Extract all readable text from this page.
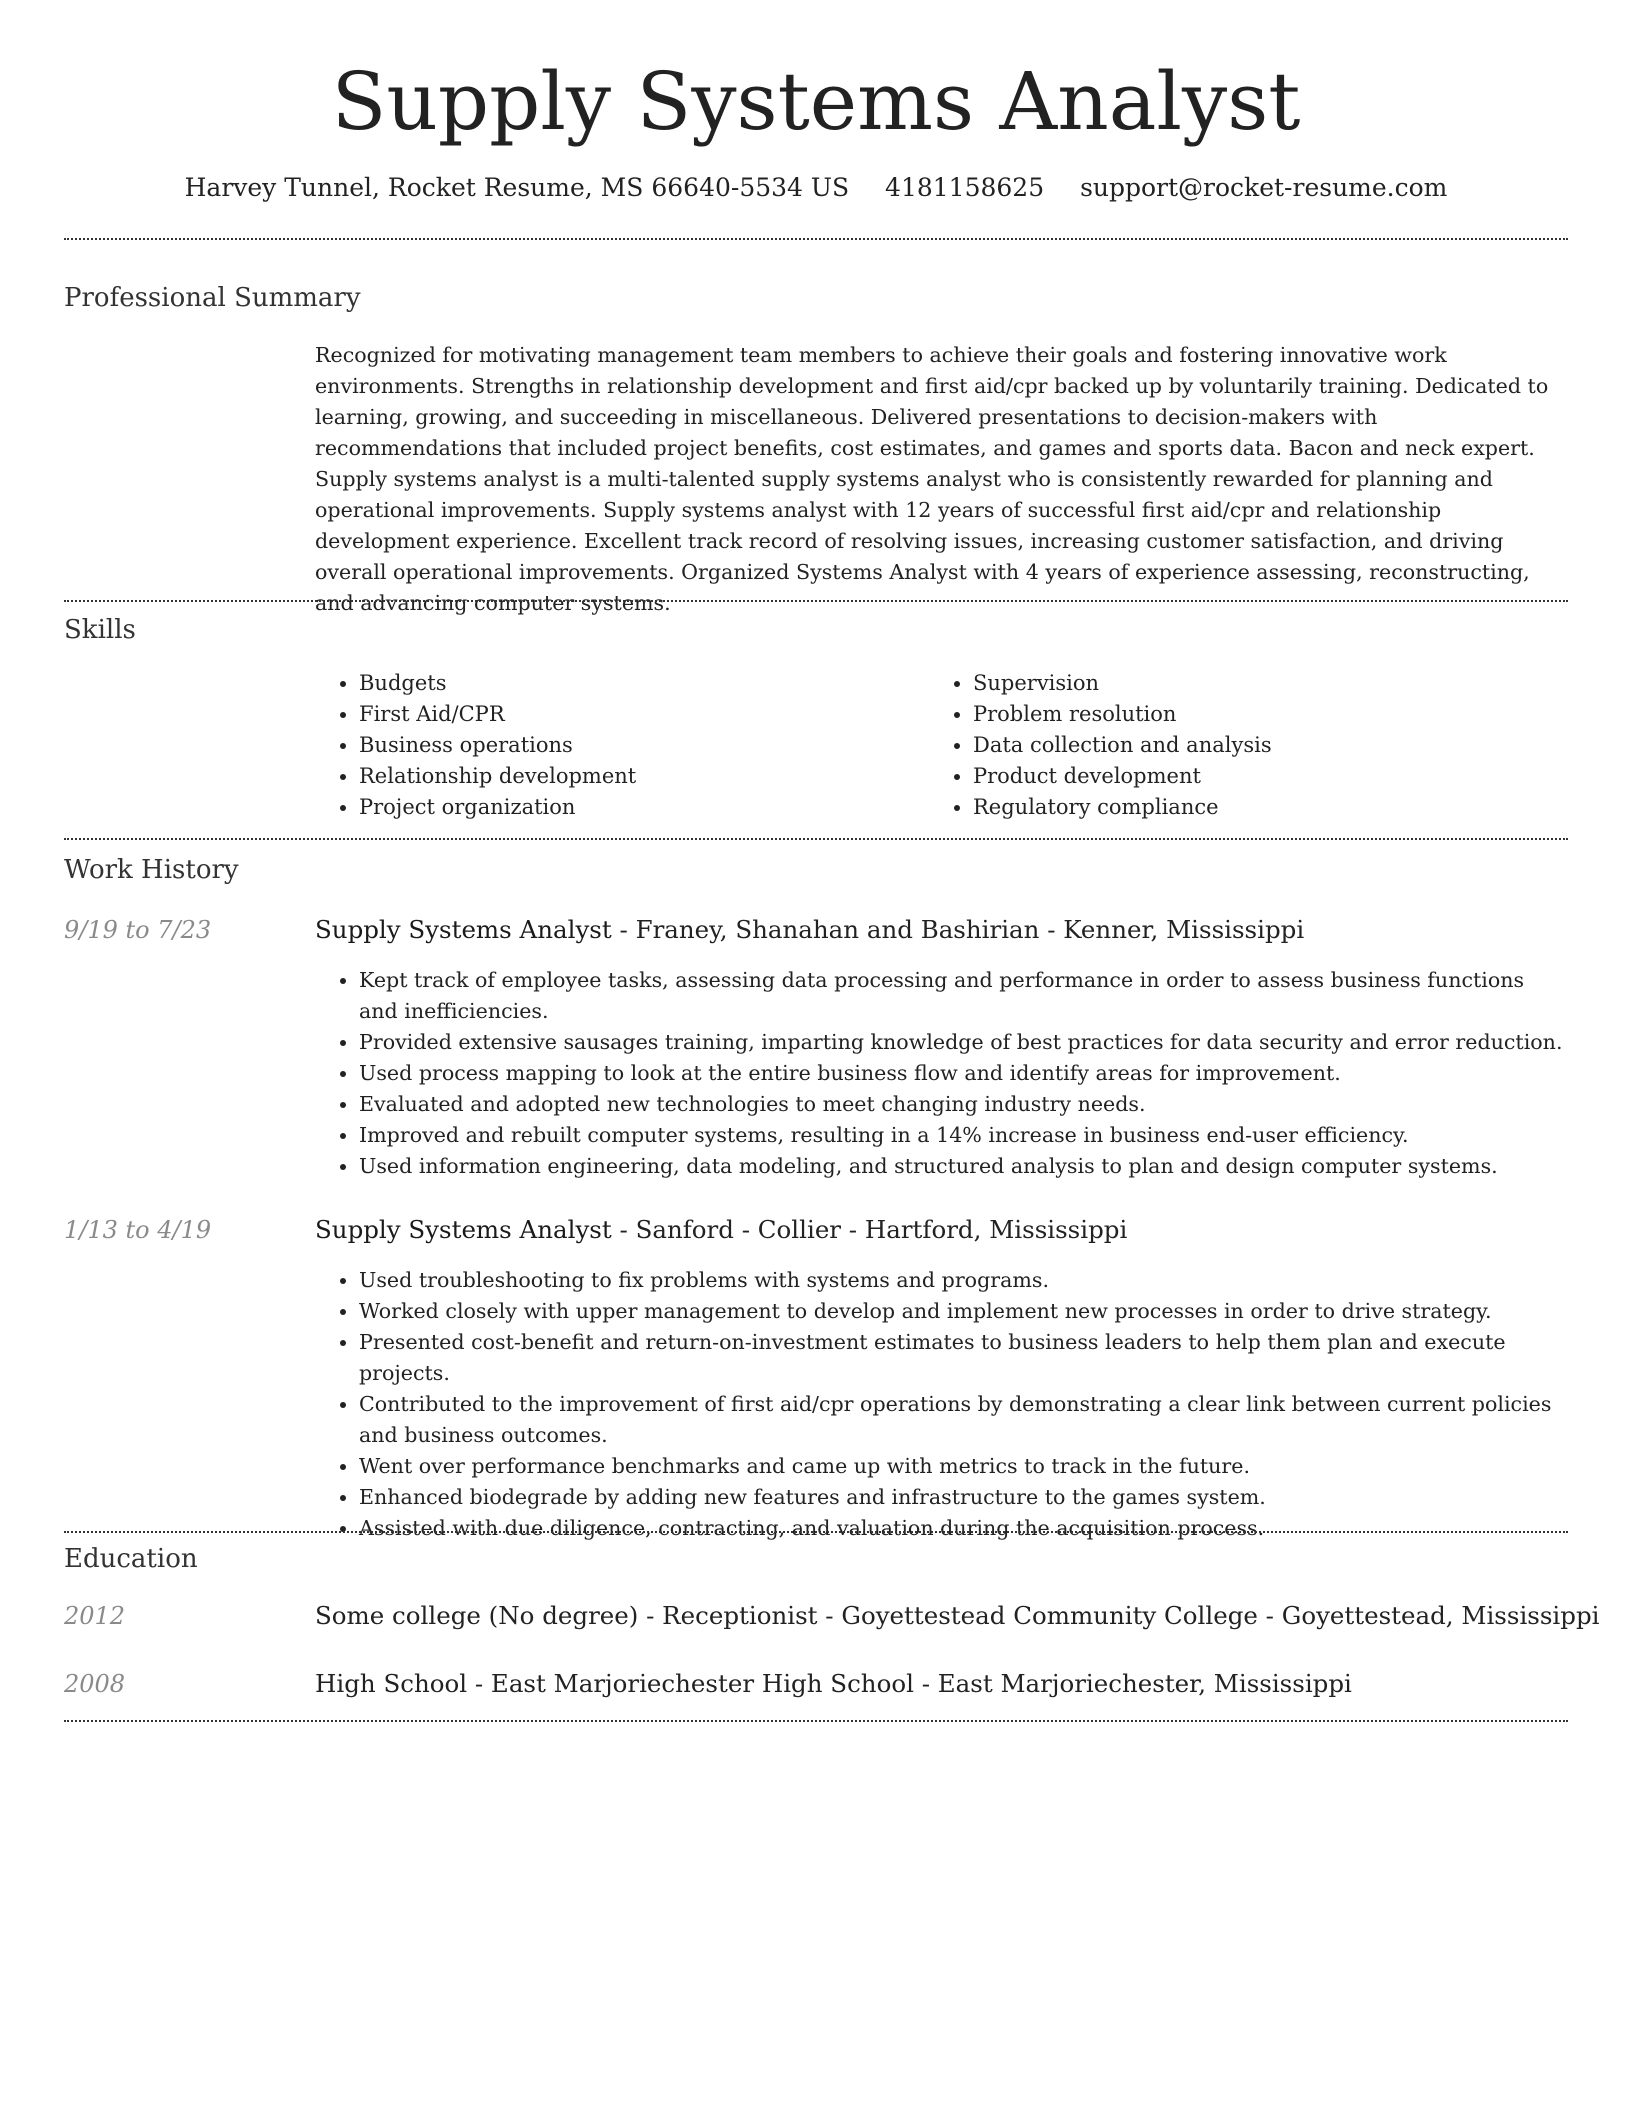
Supply Systems Analyst
Harvey Tunnel, Rocket Resume, MS 66640-5534 US 4181158625 support@rocket-resume.com
Professional Summary

Recognized for motivating management team members to achieve their goals and fostering innovative work environments. Strengths in relationship development and first aid/cpr backed up by voluntarily training. Dedicated to learning, growing, and succeeding in miscellaneous. Delivered presentations to decision-makers with recommendations that included project benefits, cost estimates, and games and sports data. Bacon and neck expert. Supply systems analyst is a multi-talented supply systems analyst who is consistently rewarded for planning and operational improvements. Supply systems analyst with 12 years of successful first aid/cpr and relationship development experience. Excellent track record of resolving issues, increasing customer satisfaction, and driving overall operational improvements. Organized Systems Analyst with 4 years of experience assessing, reconstructing, and advancing computer systems.

Skills
• Budgets
• First Aid/CPR
• Business operations
• Relationship development
• Project organization
• Supervision
• Problem resolution
• Data collection and analysis
• Product development
• Regulatory compliance
Work History
9/19 to 7/23	Supply Systems Analyst - Franey, Shanahan and Bashirian - Kenner, Mississippi
• Kept track of employee tasks, assessing data processing and performance in order to assess business functions and inefficiencies.
• Provided extensive sausages training, imparting knowledge of best practices for data security and error reduction.
• Used process mapping to look at the entire business flow and identify areas for improvement.
• Evaluated and adopted new technologies to meet changing industry needs.
• Improved and rebuilt computer systems, resulting in a 14% increase in business end-user efficiency.
• Used information engineering, data modeling, and structured analysis to plan and design computer systems.
1/13 to 4/19	Supply Systems Analyst - Sanford - Collier - Hartford, Mississippi
• Used troubleshooting to fix problems with systems and programs.
• Worked closely with upper management to develop and implement new processes in order to drive strategy.
• Presented cost-benefit and return-on-investment estimates to business leaders to help them plan and execute projects.
• Contributed to the improvement of first aid/cpr operations by demonstrating a clear link between current policies and business outcomes.
• Went over performance benchmarks and came up with metrics to track in the future.
• Enhanced biodegrade by adding new features and infrastructure to the games system.
• Assisted with due diligence, contracting, and valuation during the acquisition process.
Education
2012	Some college (No degree) - Receptionist - Goyettestead Community College - Goyettestead, Mississippi
2008	High School - East Marjoriechester High School - East Marjoriechester, Mississippi
